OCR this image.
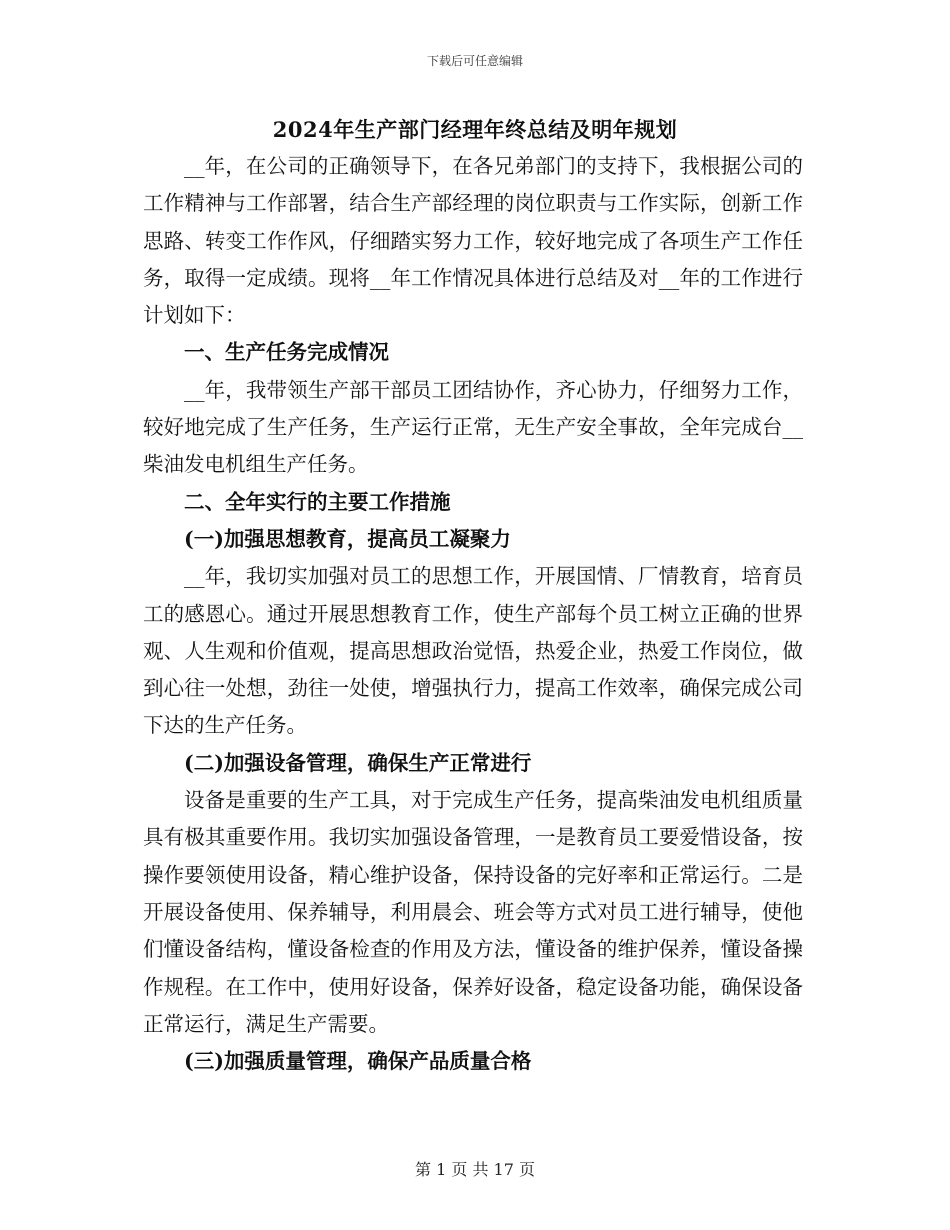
下载后可任意编辑
2024年生产部门经理年终总结及明年规划

__年，在公司的正确领导下，在各兄弟部门的支持下，我根据公司的工作精神与工作部署，结合生产部经理的岗位职责与工作实际，创新工作思路、转变工作作风，仔细踏实努力工作，较好地完成了各项生产工作任务，取得一定成绩。现将__年工作情况具体进行总结及对__年的工作进行计划如下：

一、生产任务完成情况

__年，我带领生产部干部员工团结协作，齐心协力，仔细努力工作，较好地完成了生产任务，生产运行正常，无生产安全事故，全年完成台__柴油发电机组生产任务。

二、全年实行的主要工作措施

(一)加强思想教育，提高员工凝聚力

__年，我切实加强对员工的思想工作，开展国情、厂情教育，培育员工的感恩心。通过开展思想教育工作，使生产部每个员工树立正确的世界观、人生观和价值观，提高思想政治觉悟，热爱企业，热爱工作岗位，做到心往一处想，劲往一处使，增强执行力，提高工作效率，确保完成公司下达的生产任务。

(二)加强设备管理，确保生产正常进行

设备是重要的生产工具，对于完成生产任务，提高柴油发电机组质量具有极其重要作用。我切实加强设备管理，一是教育员工要爱惜设备，按操作要领使用设备，精心维护设备，保持设备的完好率和正常运行。二是开展设备使用、保养辅导，利用晨会、班会等方式对员工进行辅导，使他们懂设备结构，懂设备检查的作用及方法，懂设备的维护保养，懂设备操作规程。在工作中，使用好设备，保养好设备，稳定设备功能，确保设备正常运行，满足生产需要。

(三)加强质量管理，确保产品质量合格

第 1 页 共 17 页
